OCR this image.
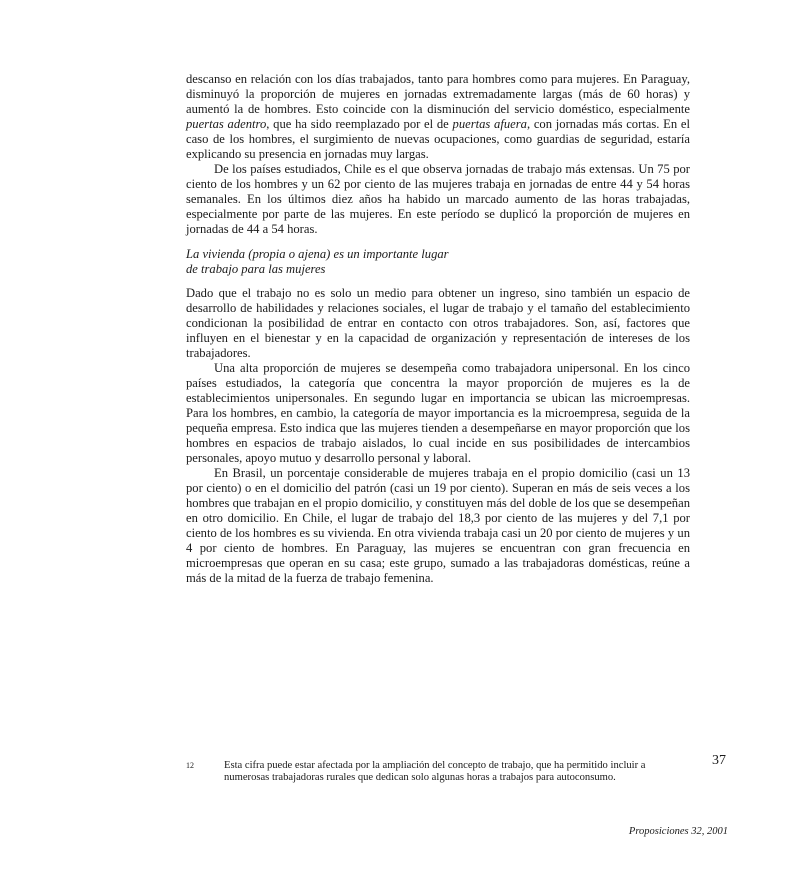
descanso en relación con los días trabajados, tanto para hombres como para mujeres. En Paraguay, disminuyó la proporción de mujeres en jornadas extremadamente largas (más de 60 horas) y aumentó la de hombres. Esto coincide con la disminución del servicio doméstico, especialmente puertas adentro, que ha sido reemplazado por el de puertas afuera, con jornadas más cortas. En el caso de los hombres, el surgimiento de nuevas ocupaciones, como guardias de seguridad, estaría explicando su presencia en jornadas muy largas.

De los países estudiados, Chile es el que observa jornadas de trabajo más extensas. Un 75 por ciento de los hombres y un 62 por ciento de las mujeres trabaja en jornadas de entre 44 y 54 horas semanales. En los últimos diez años ha habido un marcado aumento de las horas trabajadas, especialmente por parte de las mujeres. En este período se duplicó la proporción de mujeres en jornadas de 44 a 54 horas.

La vivienda (propia o ajena) es un importante lugar
de trabajo para las mujeres

Dado que el trabajo no es solo un medio para obtener un ingreso, sino también un espacio de desarrollo de habilidades y relaciones sociales, el lugar de trabajo y el tamaño del establecimiento condicionan la posibilidad de entrar en contacto con otros trabajadores. Son, así, factores que influyen en el bienestar y en la capacidad de organización y representación de intereses de los trabajadores.

Una alta proporción de mujeres se desempeña como trabajadora unipersonal. En los cinco países estudiados, la categoría que concentra la mayor proporción de mujeres es la de establecimientos unipersonales. En segundo lugar en importancia se ubican las microempresas. Para los hombres, en cambio, la categoría de mayor importancia es la microempresa, seguida de la pequeña empresa. Esto indica que las mujeres tienden a desempeñarse en mayor proporción que los hombres en espacios de trabajo aislados, lo cual incide en sus posibilidades de intercambios personales, apoyo mutuo y desarrollo personal y laboral.

En Brasil, un porcentaje considerable de mujeres trabaja en el propio domicilio (casi un 13 por ciento) o en el domicilio del patrón (casi un 19 por ciento). Superan en más de seis veces a los hombres que trabajan en el propio domicilio, y constituyen más del doble de los que se desempeñan en otro domicilio. En Chile, el lugar de trabajo del 18,3 por ciento de las mujeres y del 7,1 por ciento de los hombres es su vivienda. En otra vivienda trabaja casi un 20 por ciento de mujeres y un 4 por ciento de hombres. En Paraguay, las mujeres se encuentran con gran frecuencia en microempresas que operan en su casa; este grupo, sumado a las trabajadoras domésticas, reúne a más de la mitad de la fuerza de trabajo femenina.

12	Esta cifra puede estar afectada por la ampliación del concepto de trabajo, que ha permitido incluir a numerosas trabajadoras rurales que dedican solo algunas horas a trabajos para autoconsumo.
37
Proposiciones 32, 2001
